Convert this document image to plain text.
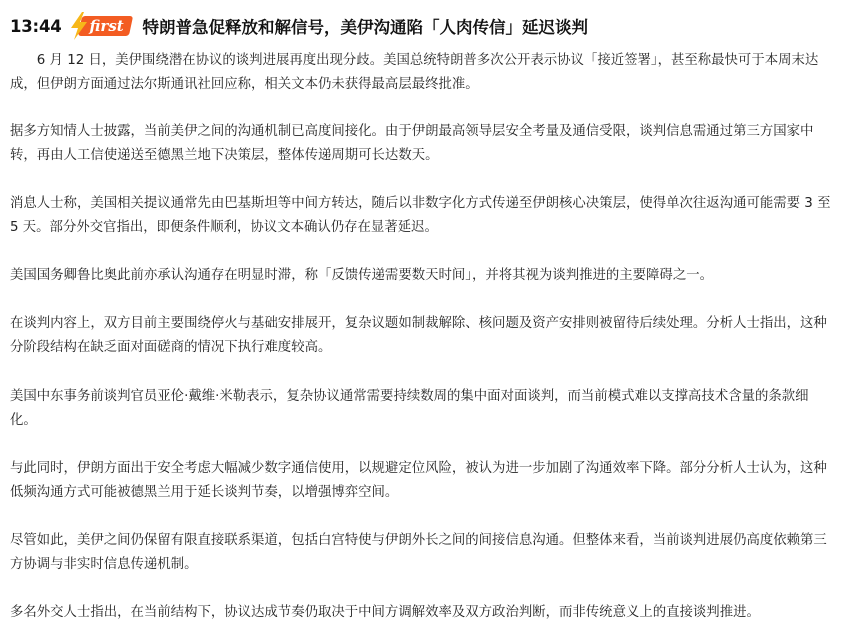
13:44 first 特朗普急促释放和解信号，美伊沟通陷「人肉传信」延迟谈判

　　6 月 12 日，美伊围绕潜在协议的谈判进展再度出现分歧。美国总统特朗普多次公开表示协议「接近签署」，甚至称最快可于本周末达成，但伊朗方面通过法尔斯通讯社回应称，相关文本仍未获得最高层最终批准。

据多方知情人士披露，当前美伊之间的沟通机制已高度间接化。由于伊朗最高领导层安全考量及通信受限，谈判信息需通过第三方国家中转，再由人工信使递送至德黑兰地下决策层，整体传递周期可长达数天。

消息人士称，美国相关提议通常先由巴基斯坦等中间方转达，随后以非数字化方式传递至伊朗核心决策层，使得单次往返沟通可能需要 3 至 5 天。部分外交官指出，即便条件顺利，协议文本确认仍存在显著延迟。

美国国务卿鲁比奥此前亦承认沟通存在明显时滞，称「反馈传递需要数天时间」，并将其视为谈判推进的主要障碍之一。

在谈判内容上，双方目前主要围绕停火与基础安排展开，复杂议题如制裁解除、核问题及资产安排则被留待后续处理。分析人士指出，这种分阶段结构在缺乏面对面磋商的情况下执行难度较高。

美国中东事务前谈判官员亚伦·戴维·米勒表示，复杂协议通常需要持续数周的集中面对面谈判，而当前模式难以支撑高技术含量的条款细化。

与此同时，伊朗方面出于安全考虑大幅减少数字通信使用，以规避定位风险，被认为进一步加剧了沟通效率下降。部分分析人士认为，这种低频沟通方式可能被德黑兰用于延长谈判节奏，以增强博弈空间。

尽管如此，美伊之间仍保留有限直接联系渠道，包括白宫特使与伊朗外长之间的间接信息沟通。但整体来看，当前谈判进展仍高度依赖第三方协调与非实时信息传递机制。

多名外交人士指出，在当前结构下，协议达成节奏仍取决于中间方调解效率及双方政治判断，而非传统意义上的直接谈判推进。
